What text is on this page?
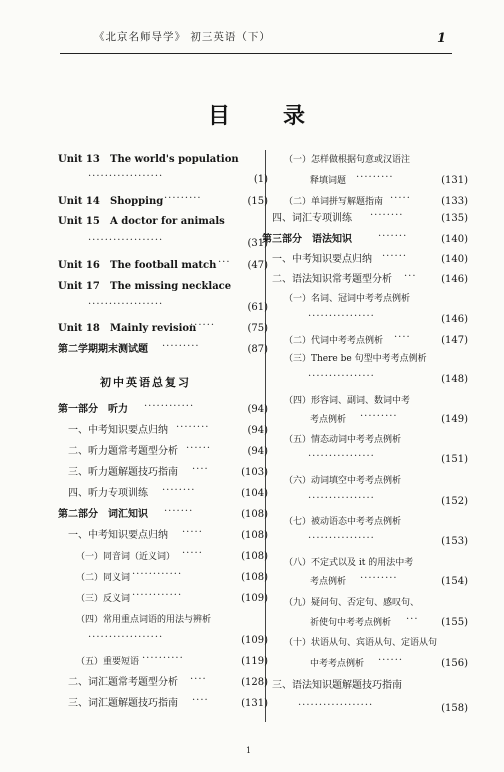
《北京名师导学》 初三英语（下）	1
目 录
Unit 13 The world's population
··················	(1)
Unit 14 Shopping ·········	(15)
Unit 15 A doctor for animals
··················	(31)
Unit 16 The football match ···	(47)
Unit 17 The missing necklace
··················	(61)
Unit 18 Mainly revision
······	(75)
第二学期期末测试题 ·········	(87)
初中英语总复习
第一部分　听力 ············	(94)
一、中考知识要点归纳 ········	(94)
二、听力题常考题型分析 ······	(94)
三、听力题解题技巧指南 ····	(103)
四、听力专项训练 ········	(104)
第二部分　词汇知识 ·······	(108)
一、中考知识要点归纳 ·····	(108)
（一）同音词（近义词） ·····	(108)
（二）同义词 ············	(108)
（三）反义词 ············	(109)
（四）常用重点词语的用法与辨析
··················	(109)
（五）重要短语 ··········	(119)
二、词汇题常考题型分析 ····	(128)
三、词汇题解题技巧指南 ····	(131)
（一）怎样做根据句意或汉语注
释填词题 ·········	(131)
（二）单词拼写解题指南 ·····	(133)
四、词汇专项训练 ········	(135)
第三部分　语法知识	·······	(140)
一、中考知识要点归纳 ······	(140)
二、语法知识常考题型分析 ···	(146)
（一）名词、冠词中考考点例析
················	(146)
（二）代词中考考点例析 ····	(147)
（三）There be 句型中考考点例析
················	(148)
（四）形容词、副词、数词中考
考点例析 ·········	(149)
（五）情态动词中考考点例析
················	(151)
（六）动词填空中考考点例析
················	(152)
（七）被动语态中考考点例析
················	(153)
（八）不定式以及 it 的用法中考
考点例析 ·········	(154)
（九）疑问句、否定句、感叹句、
祈使句中考考点例析 ···	(155)
（十）状语从句、宾语从句、定语从句
中考考点例析 ······	(156)
三、语法知识题解题技巧指南
··················	(158)
1
